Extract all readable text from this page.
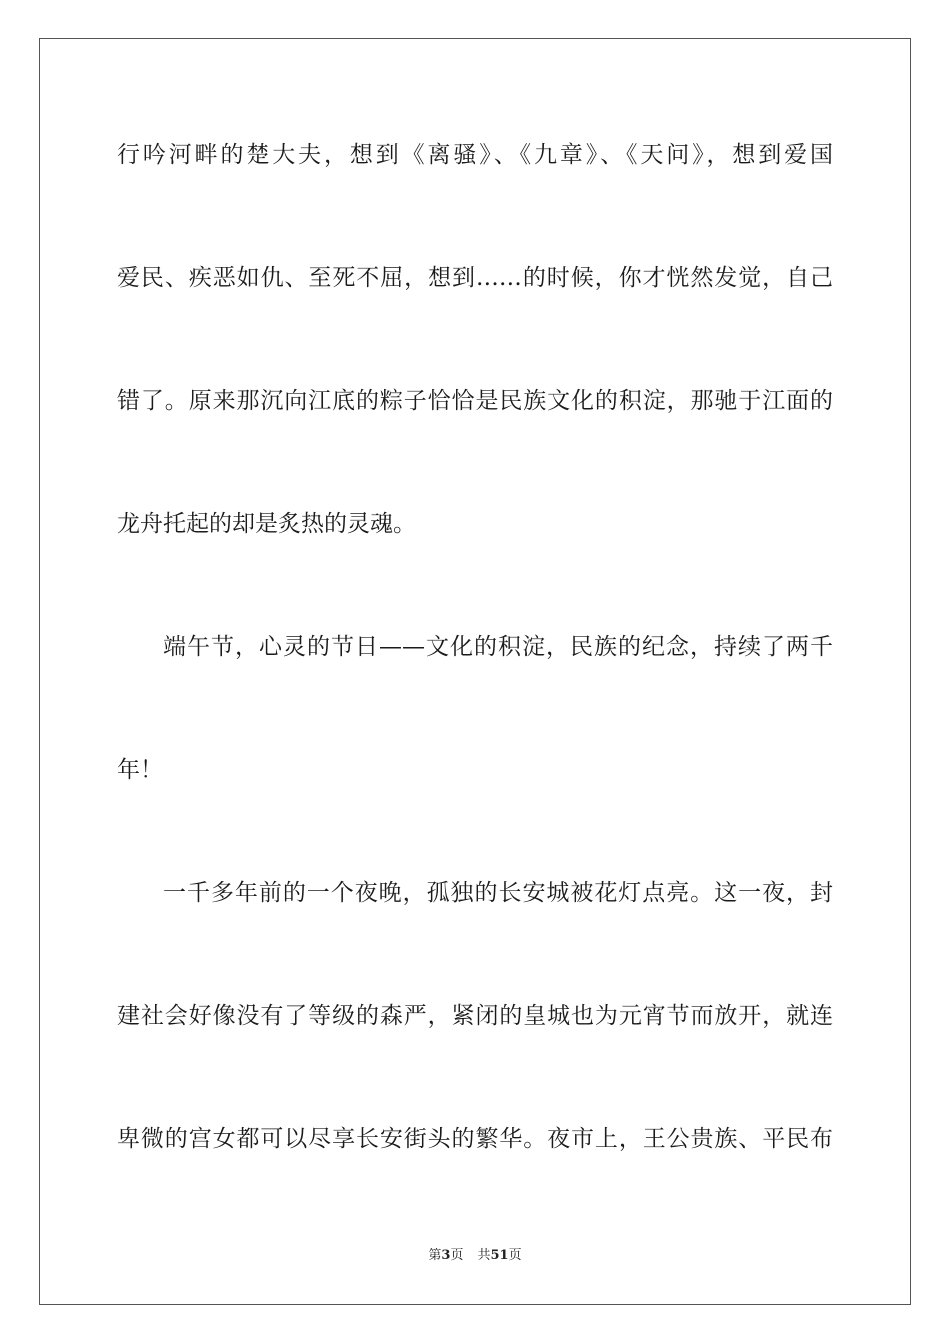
行吟河畔的楚大夫，想到《离骚》、《九章》、《天问》，想到爱国
爱民、疾恶如仇、至死不屈，想到……的时候，你才恍然发觉，自己
错了。原来那沉向江底的粽子恰恰是民族文化的积淀，那驰于江面的
龙舟托起的却是炙热的灵魂。
端午节，心灵的节日——文化的积淀，民族的纪念，持续了两千
年！
一千多年前的一个夜晚，孤独的长安城被花灯点亮。这一夜，封
建社会好像没有了等级的森严，紧闭的皇城也为元宵节而放开，就连
卑微的宫女都可以尽享长安街头的繁华。夜市上，王公贵族、平民布
第3页 共51页
